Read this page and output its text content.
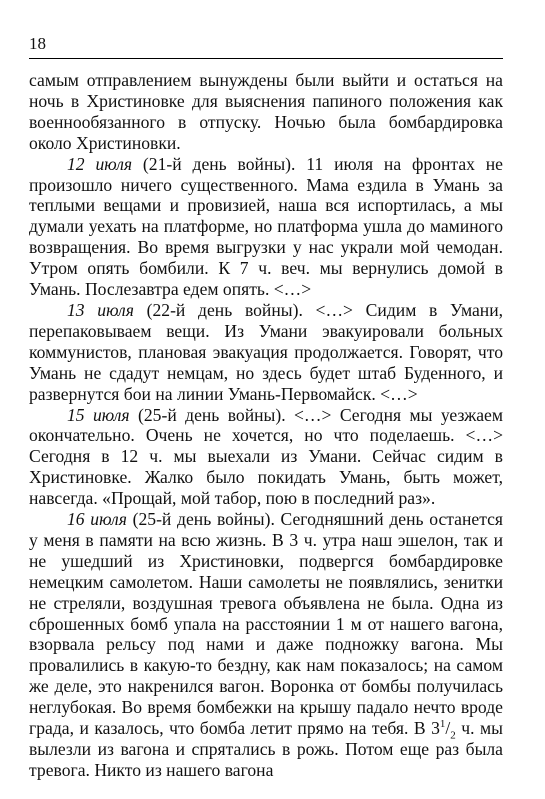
18

самым отправлением вынуждены были выйти и остаться на ночь в Христиновке для выяснения папиного положения как военнообязанного в отпуску. Ночью была бомбардировка около Христиновки.

12 июля (21-й день войны). 11 июля на фронтах не произошло ничего существенного. Мама ездила в Умань за теплыми вещами и провизией, наша вся испортилась, а мы думали уехать на платформе, но платформа ушла до маминого возвращения. Во время выгрузки у нас украли мой чемодан. Утром опять бомбили. К 7 ч. веч. мы вернулись домой в Умань. Послезавтра едем опять. <…>

13 июля (22-й день войны). <…> Сидим в Умани, перепаковываем вещи. Из Умани эвакуировали больных коммунистов, плановая эвакуация продолжается. Говорят, что Умань не сдадут немцам, но здесь будет штаб Буденного, и развернутся бои на линии Умань-Первомайск. <…>

15 июля (25-й день войны). <…> Сегодня мы уезжаем окончательно. Очень не хочется, но что поделаешь. <…> Сегодня в 12 ч. мы выехали из Умани. Сейчас сидим в Христиновке. Жалко было покидать Умань, быть может, навсегда. «Прощай, мой табор, пою в последний раз».

16 июля (25-й день войны). Сегодняшний день останется у меня в памяти на всю жизнь. В 3 ч. утра наш эшелон, так и не ушедший из Христиновки, подвергся бомбардировке немецким самолетом. Наши самолеты не появлялись, зенитки не стреляли, воздушная тревога объявлена не была. Одна из сброшенных бомб упала на расстоянии 1 м от нашего вагона, взорвала рельсу под нами и даже подножку вагона. Мы провалились в какую-то бездну, как нам показалось; на самом же деле, это накренился вагон. Воронка от бомбы получилась неглубокая. Во время бомбежки на крышу падало нечто вроде града, и казалось, что бомба летит прямо на тебя. В $3^1/_2$ ч. мы вылезли из вагона и спрятались в рожь. Потом еще раз была тревога. Никто из нашего вагона
